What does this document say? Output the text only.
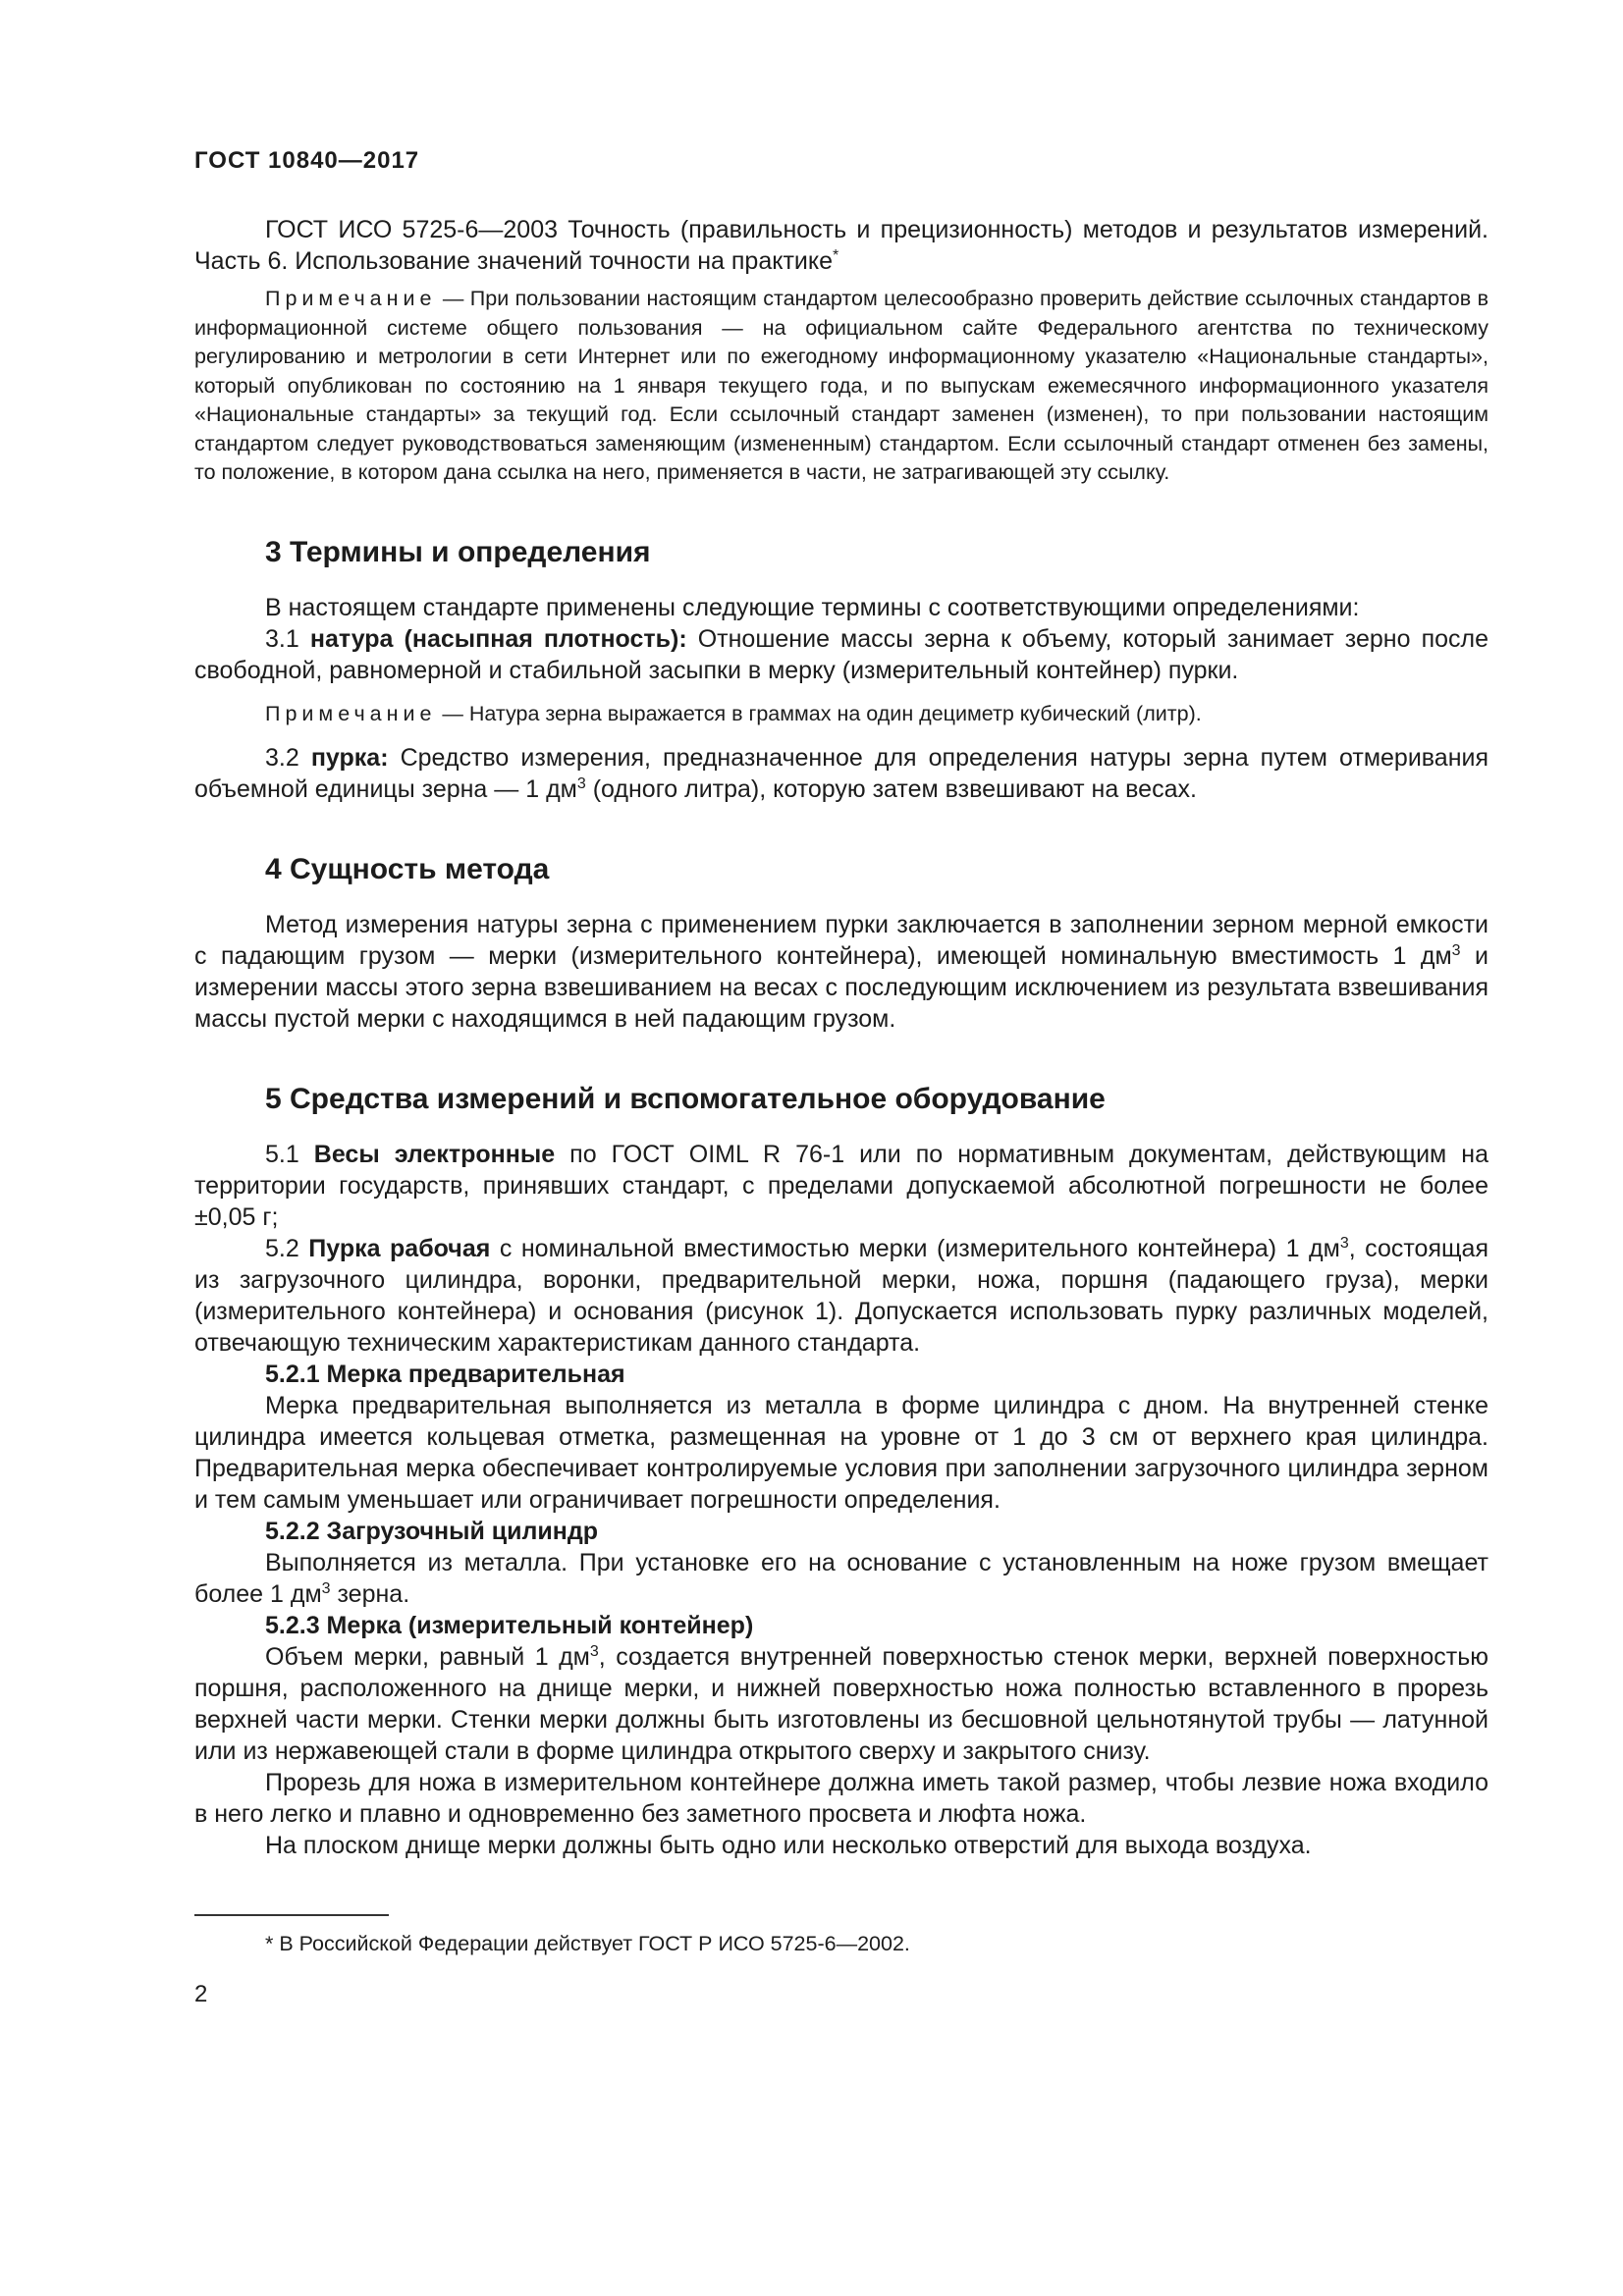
ГОСТ 10840—2017

ГОСТ ИСО 5725-6—2003 Точность (правильность и прецизионность) методов и результатов измерений. Часть 6. Использование значений точности на практике*

Примечание — При пользовании настоящим стандартом целесообразно проверить действие ссылочных стандартов в информационной системе общего пользования — на официальном сайте Федерального агентства по техническому регулированию и метрологии в сети Интернет или по ежегодному информационному указателю «Национальные стандарты», который опубликован по состоянию на 1 января текущего года, и по выпускам ежемесячного информационного указателя «Национальные стандарты» за текущий год. Если ссылочный стандарт заменен (изменен), то при пользовании настоящим стандартом следует руководствоваться заменяющим (измененным) стандартом. Если ссылочный стандарт отменен без замены, то положение, в котором дана ссылка на него, применяется в части, не затрагивающей эту ссылку.

3 Термины и определения

В настоящем стандарте применены следующие термины с соответствующими определениями:

3.1 натура (насыпная плотность): Отношение массы зерна к объему, который занимает зерно после свободной, равномерной и стабильной засыпки в мерку (измерительный контейнер) пурки.

Примечание — Натура зерна выражается в граммах на один дециметр кубический (литр).

3.2 пурка: Средство измерения, предназначенное для определения натуры зерна путем отмеривания объемной единицы зерна — 1 $дм^3$ (одного литра), которую затем взвешивают на весах.

4 Сущность метода

Метод измерения натуры зерна с применением пурки заключается в заполнении зерном мерной емкости с падающим грузом — мерки (измерительного контейнера), имеющей номинальную вместимость 1 $дм^3$ и измерении массы этого зерна взвешиванием на весах с последующим исключением из результата взвешивания массы пустой мерки с находящимся в ней падающим грузом.

5 Средства измерений и вспомогательное оборудование

5.1 Весы электронные по ГОСТ OIML R 76-1 или по нормативным документам, действующим на территории государств, принявших стандарт, с пределами допускаемой абсолютной погрешности не более ±0,05 г;

5.2 Пурка рабочая с номинальной вместимостью мерки (измерительного контейнера) 1 $дм^3$, состоящая из загрузочного цилиндра, воронки, предварительной мерки, ножа, поршня (падающего груза), мерки (измерительного контейнера) и основания (рисунок 1). Допускается использовать пурку различных моделей, отвечающую техническим характеристикам данного стандарта.

5.2.1 Мерка предварительная

Мерка предварительная выполняется из металла в форме цилиндра с дном. На внутренней стенке цилиндра имеется кольцевая отметка, размещенная на уровне от 1 до 3 см от верхнего края цилиндра. Предварительная мерка обеспечивает контролируемые условия при заполнении загрузочного цилиндра зерном и тем самым уменьшает или ограничивает погрешности определения.

5.2.2 Загрузочный цилиндр

Выполняется из металла. При установке его на основание с установленным на ноже грузом вмещает более 1 $дм^3$ зерна.

5.2.3 Мерка (измерительный контейнер)

Объем мерки, равный 1 $дм^3$, создается внутренней поверхностью стенок мерки, верхней поверхностью поршня, расположенного на днище мерки, и нижней поверхностью ножа полностью вставленного в прорезь верхней части мерки. Стенки мерки должны быть изготовлены из бесшовной цельнотянутой трубы — латунной или из нержавеющей стали в форме цилиндра открытого сверху и закрытого снизу.

Прорезь для ножа в измерительном контейнере должна иметь такой размер, чтобы лезвие ножа входило в него легко и плавно и одновременно без заметного просвета и люфта ножа.

На плоском днище мерки должны быть одно или несколько отверстий для выхода воздуха.

* В Российской Федерации действует ГОСТ Р ИСО 5725-6—2002.
2
